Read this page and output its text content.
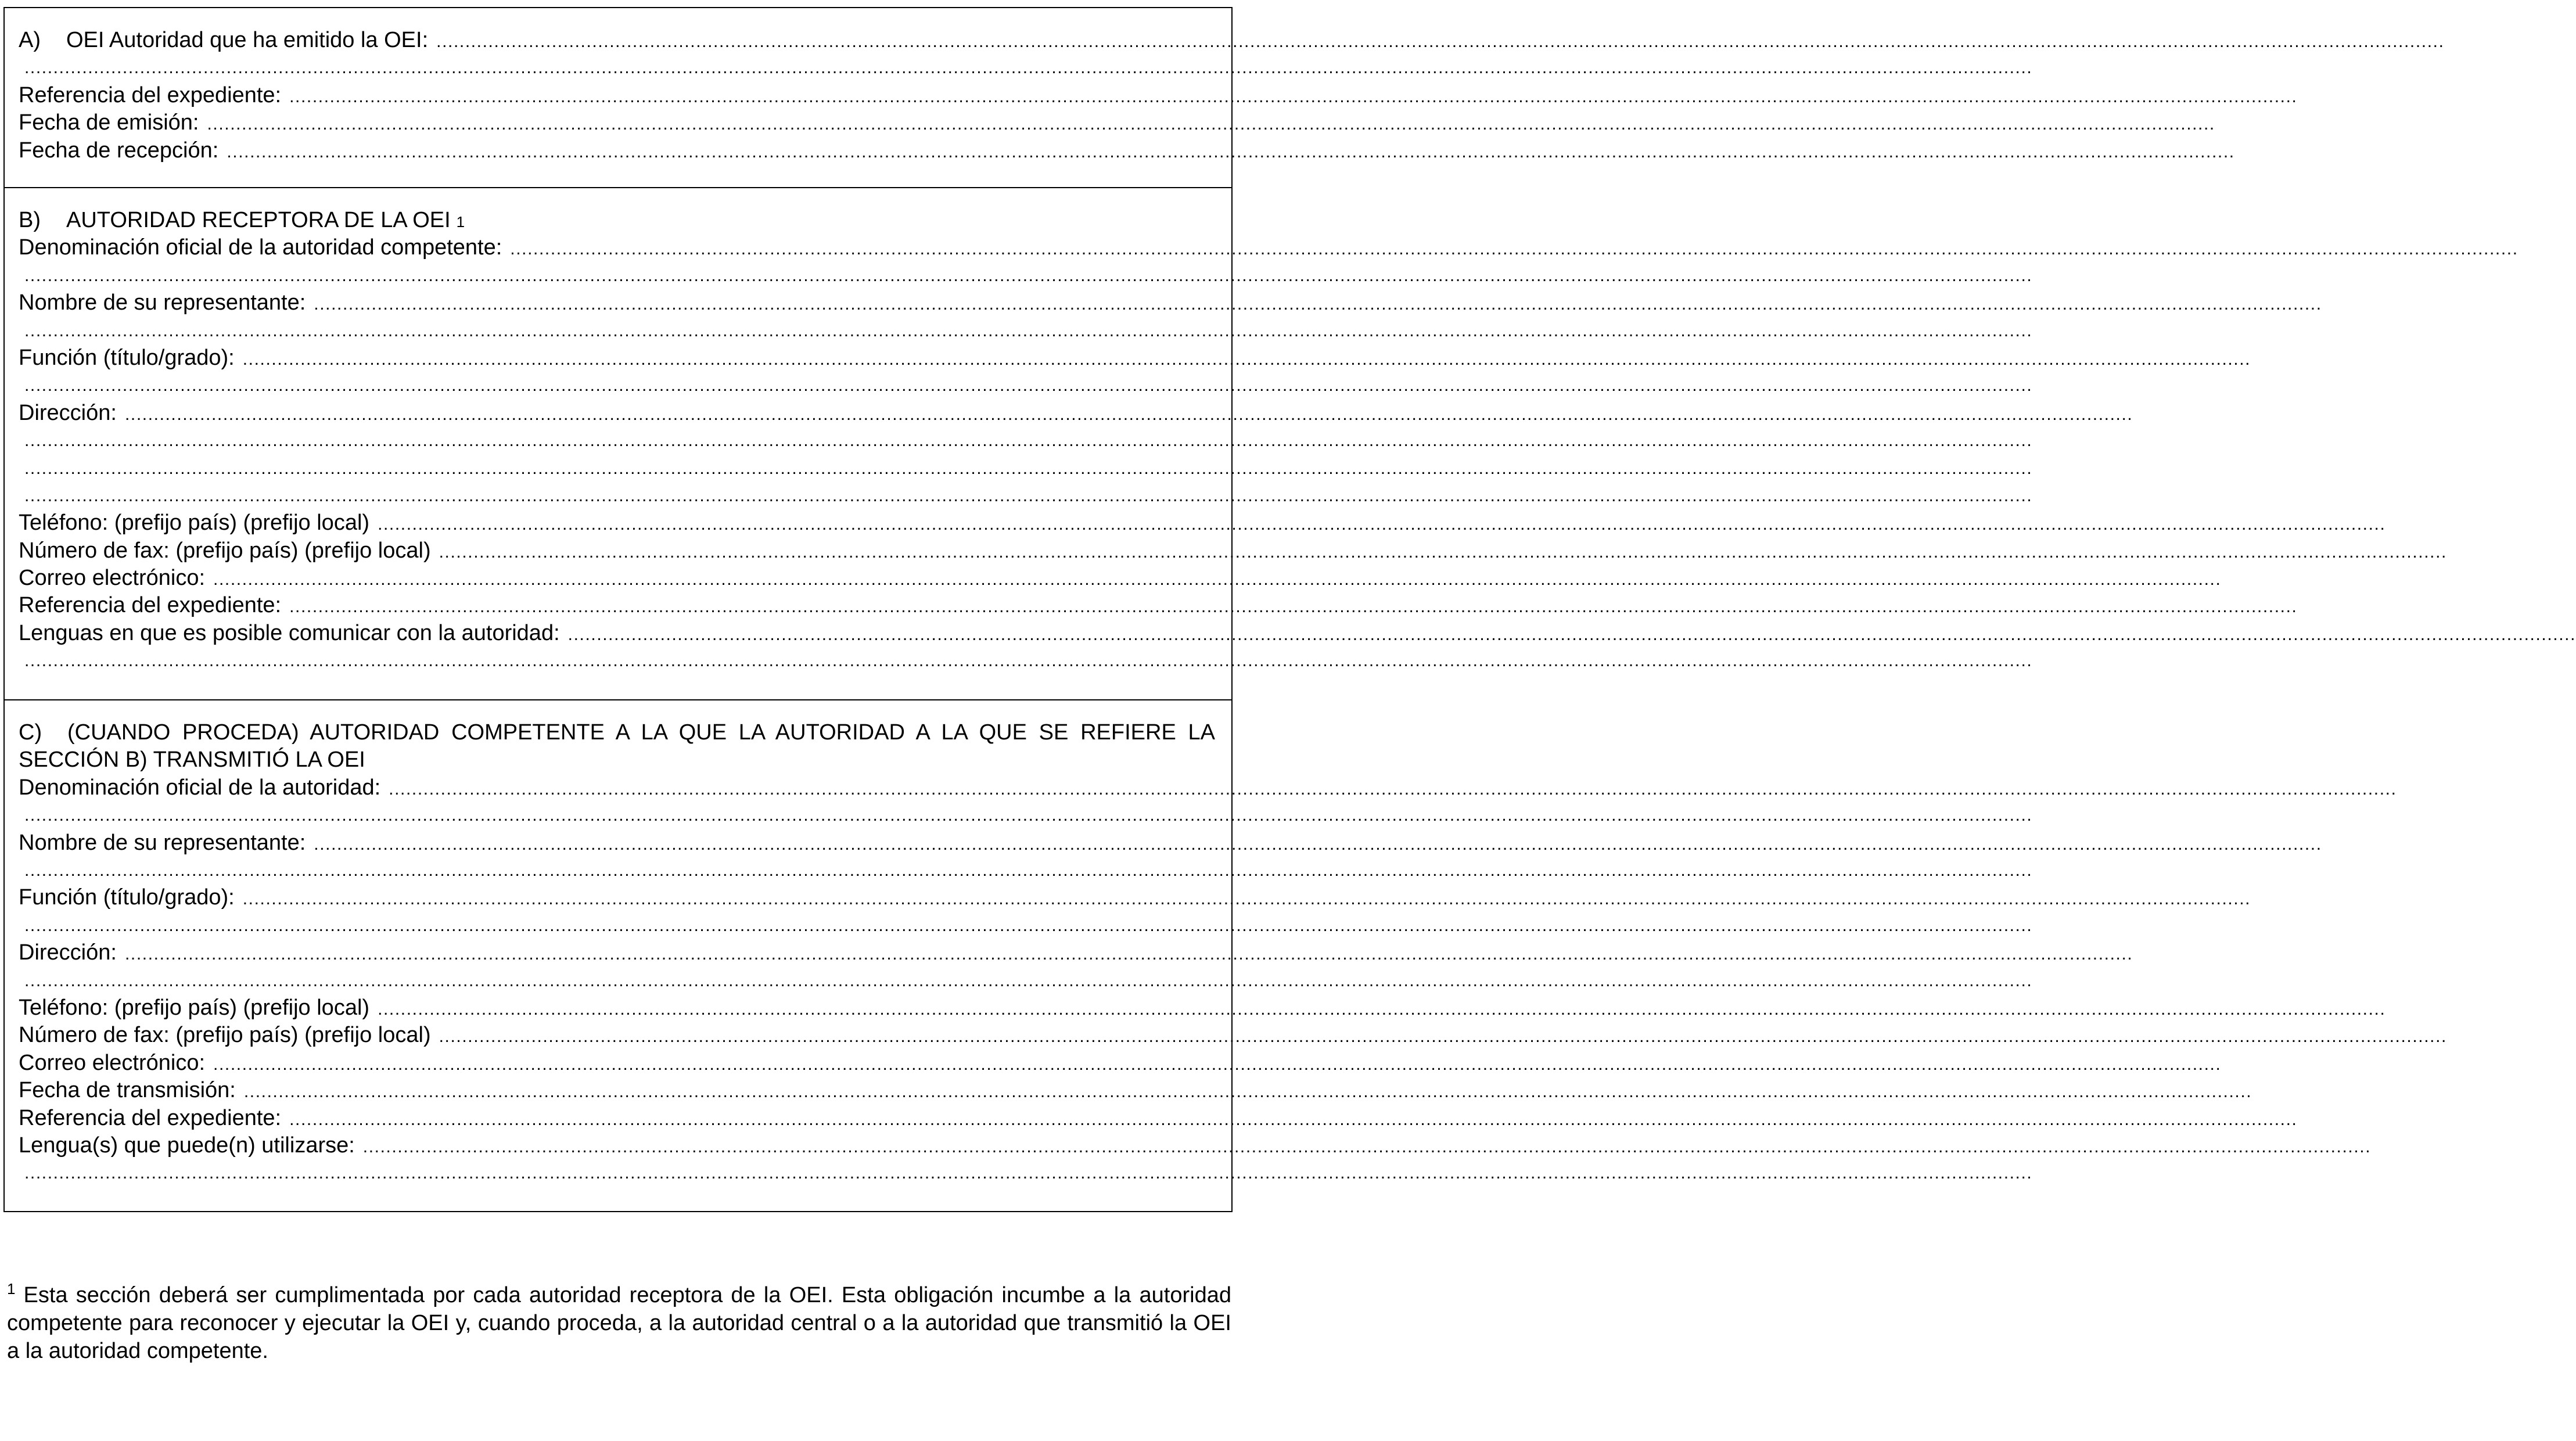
A)	OEI Autoridad que ha emitido la OEI: ............................................................................................................................................................................................................................................................................................................................................................
............................................................................................................................................................................................................................................................................................................................................................
Referencia del expediente: ............................................................................................................................................................................................................................................................................................................................................................
Fecha de emisión: ............................................................................................................................................................................................................................................................................................................................................................
Fecha de recepción: ............................................................................................................................................................................................................................................................................................................................................................
B)	AUTORIDAD RECEPTORA DE LA OEI 1
Denominación oficial de la autoridad competente: ............................................................................................................................................................................................................................................................................................................................................................
............................................................................................................................................................................................................................................................................................................................................................
Nombre de su representante: ............................................................................................................................................................................................................................................................................................................................................................
............................................................................................................................................................................................................................................................................................................................................................
Función (título/grado): ............................................................................................................................................................................................................................................................................................................................................................
............................................................................................................................................................................................................................................................................................................................................................
Dirección: ............................................................................................................................................................................................................................................................................................................................................................
............................................................................................................................................................................................................................................................................................................................................................
............................................................................................................................................................................................................................................................................................................................................................
............................................................................................................................................................................................................................................................................................................................................................
Teléfono: (prefijo país) (prefijo local) ............................................................................................................................................................................................................................................................................................................................................................
Número de fax: (prefijo país) (prefijo local) ............................................................................................................................................................................................................................................................................................................................................................
Correo electrónico: ............................................................................................................................................................................................................................................................................................................................................................
Referencia del expediente: ............................................................................................................................................................................................................................................................................................................................................................
Lenguas en que es posible comunicar con la autoridad: ............................................................................................................................................................................................................................................................................................................................................................
............................................................................................................................................................................................................................................................................................................................................................
C) (CUANDO PROCEDA) AUTORIDAD COMPETENTE A LA QUE LA AUTORIDAD A LA QUE SE REFIERE LA SECCIÓN B) TRANSMITIÓ LA OEI
Denominación oficial de la autoridad: ............................................................................................................................................................................................................................................................................................................................................................
............................................................................................................................................................................................................................................................................................................................................................
Nombre de su representante: ............................................................................................................................................................................................................................................................................................................................................................
............................................................................................................................................................................................................................................................................................................................................................
Función (título/grado): ............................................................................................................................................................................................................................................................................................................................................................
............................................................................................................................................................................................................................................................................................................................................................
Dirección: ............................................................................................................................................................................................................................................................................................................................................................
............................................................................................................................................................................................................................................................................................................................................................
Teléfono: (prefijo país) (prefijo local) ............................................................................................................................................................................................................................................................................................................................................................
Número de fax: (prefijo país) (prefijo local) ............................................................................................................................................................................................................................................................................................................................................................
Correo electrónico: ............................................................................................................................................................................................................................................................................................................................................................
Fecha de transmisión: ............................................................................................................................................................................................................................................................................................................................................................
Referencia del expediente: ............................................................................................................................................................................................................................................................................................................................................................
Lengua(s) que puede(n) utilizarse: ............................................................................................................................................................................................................................................................................................................................................................
............................................................................................................................................................................................................................................................................................................................................................
$^1$ Esta sección deberá ser cumplimentada por cada autoridad receptora de la OEI. Esta obligación incumbe a la autoridad competente para reconocer y ejecutar la OEI y, cuando proceda, a la autoridad central o a la autoridad que transmitió la OEI a la autoridad competente.
